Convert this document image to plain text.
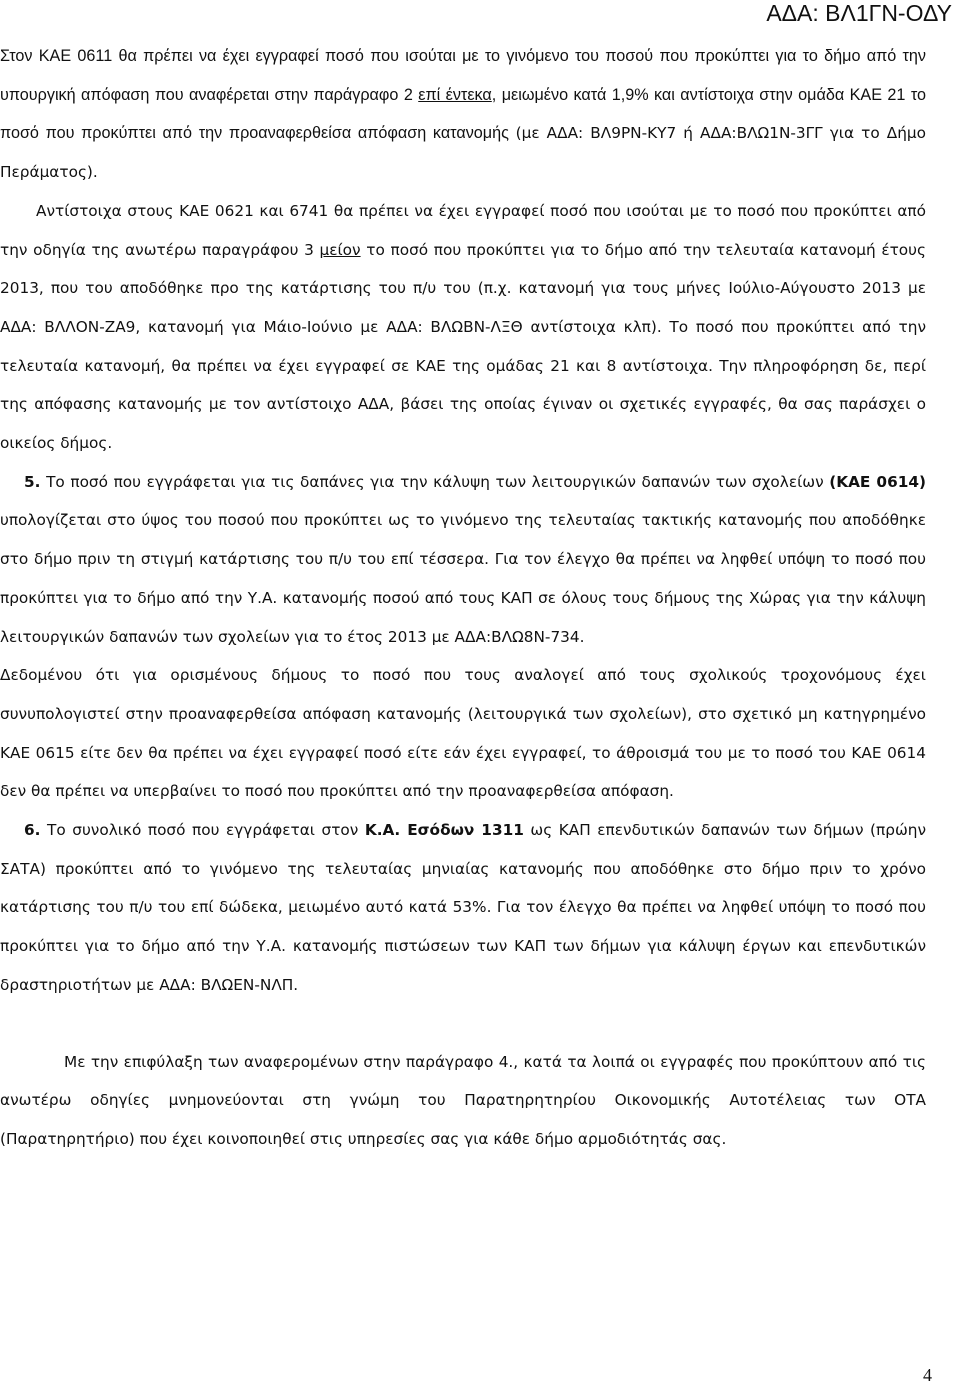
ΑΔΑ: ΒΛ1ΓΝ-ΟΔΥ

Στον ΚΑΕ 0611 θα πρέπει να έχει εγγραφεί ποσό που ισούται με το γινόμενο του ποσού που προκύπτει για το δήμο από την υπουργική απόφαση που αναφέρεται στην παράγραφο 2 επί έντεκα, μειωμένο κατά 1,9% και αντίστοιχα στην ομάδα ΚΑΕ 21 το ποσό που προκύπτει από την προαναφερθείσα απόφαση κατανομής (με ΑΔΑ: ΒΛ9ΡΝ-ΚΥ7 ή ΑΔΑ:ΒΛΩ1Ν-3ΓΓ για το Δήμο Περάματος).

Αντίστοιχα στους ΚΑΕ 0621 και 6741 θα πρέπει να έχει εγγραφεί ποσό που ισούται με το ποσό που προκύπτει από την οδηγία της ανωτέρω παραγράφου 3 μείον το ποσό που προκύπτει για το δήμο από την τελευταία κατανομή έτους 2013, που του αποδόθηκε προ της κατάρτισης του π/υ του (π.χ. κατανομή για τους μήνες Ιούλιο-Αύγουστο 2013 με ΑΔΑ: ΒΛΛΟΝ-ΖΑ9, κατανομή για Μάιο-Ιούνιο με ΑΔΑ: ΒΛΩΒΝ-ΛΞΘ αντίστοιχα κλπ). Το ποσό που προκύπτει από την τελευταία κατανομή, θα πρέπει να έχει εγγραφεί σε ΚΑΕ της ομάδας 21 και 8 αντίστοιχα. Την πληροφόρηση δε, περί της απόφασης κατανομής με τον αντίστοιχο ΑΔΑ, βάσει της οποίας έγιναν οι σχετικές εγγραφές, θα σας παράσχει ο οικείος δήμος.

5. Το ποσό που εγγράφεται για τις δαπάνες για την κάλυψη των λειτουργικών δαπανών των σχολείων (ΚΑΕ 0614) υπολογίζεται στο ύψος του ποσού που προκύπτει ως το γινόμενο της τελευταίας τακτικής κατανομής που αποδόθηκε στο δήμο πριν τη στιγμή κατάρτισης του π/υ του επί τέσσερα. Για τον έλεγχο θα πρέπει να ληφθεί υπόψη το ποσό που προκύπτει για το δήμο από την Υ.Α. κατανομής ποσού από τους ΚΑΠ σε όλους τους δήμους της Χώρας για την κάλυψη λειτουργικών δαπανών των σχολείων για το έτος 2013 με ΑΔΑ:ΒΛΩ8Ν-734.

Δεδομένου ότι για ορισμένους δήμους το ποσό που τους αναλογεί από τους σχολικούς τροχονόμους έχει συνυπολογιστεί στην προαναφερθείσα απόφαση κατανομής (λειτουργικά των σχολείων), στο σχετικό μη κατηγρημένο ΚΑΕ 0615 είτε δεν θα πρέπει να έχει εγγραφεί ποσό είτε εάν έχει εγγραφεί, το άθροισμά του με το ποσό του ΚΑΕ 0614 δεν θα πρέπει να υπερβαίνει το ποσό που προκύπτει από την προαναφερθείσα απόφαση.

6. Το συνολικό ποσό που εγγράφεται στον Κ.Α. Εσόδων 1311 ως ΚΑΠ επενδυτικών δαπανών των δήμων (πρώην ΣΑΤΑ) προκύπτει από το γινόμενο της τελευταίας μηνιαίας κατανομής που αποδόθηκε στο δήμο πριν το χρόνο κατάρτισης του π/υ του επί δώδεκα, μειωμένο αυτό κατά 53%. Για τον έλεγχο θα πρέπει να ληφθεί υπόψη το ποσό που προκύπτει για το δήμο από την Υ.Α. κατανομής πιστώσεων των ΚΑΠ των δήμων για κάλυψη έργων και επενδυτικών δραστηριοτήτων με ΑΔΑ: ΒΛΩΕΝ-ΝΛΠ.

Με την επιφύλαξη των αναφερομένων στην παράγραφο 4., κατά τα λοιπά οι εγγραφές που προκύπτουν από τις ανωτέρω οδηγίες μνημονεύονται στη γνώμη του Παρατηρητηρίου Οικονομικής Αυτοτέλειας των ΟΤΑ (Παρατηρητήριο) που έχει κοινοποιηθεί στις υπηρεσίες σας για κάθε δήμο αρμοδιότητάς σας.

4
